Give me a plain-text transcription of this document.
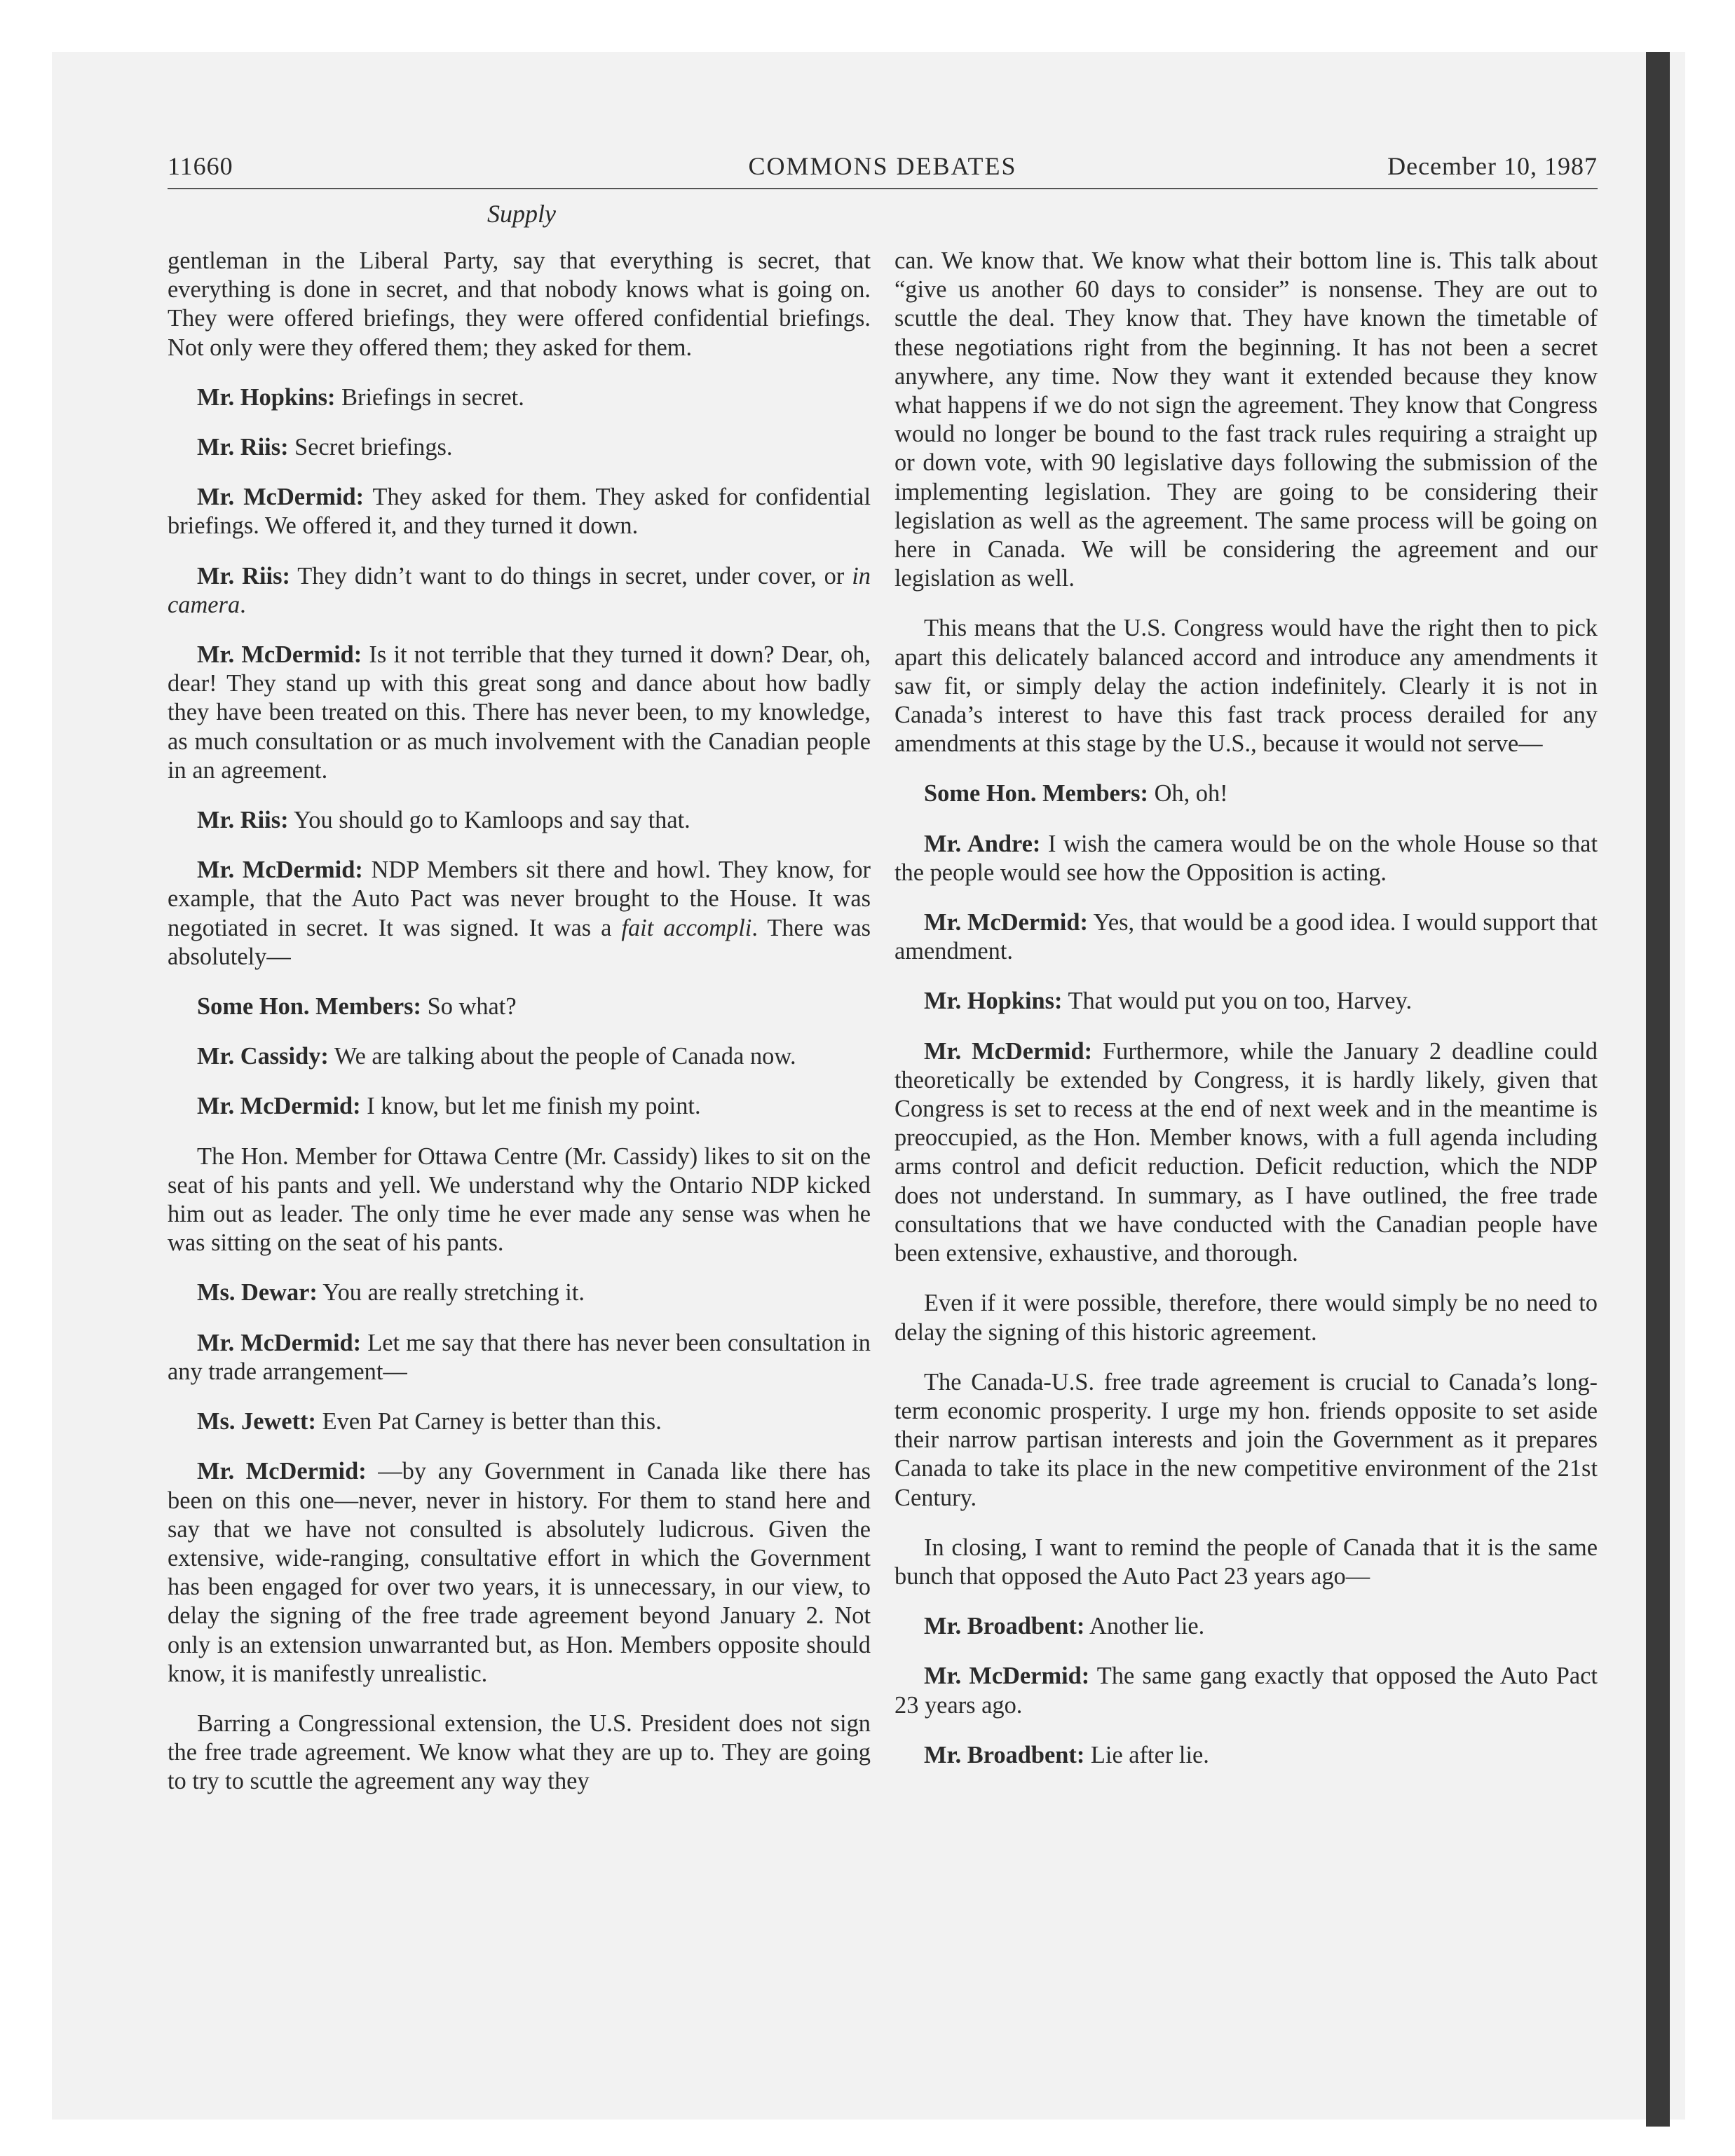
11660	COMMONS DEBATES	December 10, 1987
Supply

gentleman in the Liberal Party, say that everything is secret, that everything is done in secret, and that nobody knows what is going on. They were offered briefings, they were offered confidential briefings. Not only were they offered them; they asked for them.

Mr. Hopkins: Briefings in secret.

Mr. Riis: Secret briefings.

Mr. McDermid: They asked for them. They asked for confidential briefings. We offered it, and they turned it down.

Mr. Riis: They didn’t want to do things in secret, under cover, or in camera.

Mr. McDermid: Is it not terrible that they turned it down? Dear, oh, dear! They stand up with this great song and dance about how badly they have been treated on this. There has never been, to my knowledge, as much consultation or as much involvement with the Canadian people in an agreement.

Mr. Riis: You should go to Kamloops and say that.

Mr. McDermid: NDP Members sit there and howl. They know, for example, that the Auto Pact was never brought to the House. It was negotiated in secret. It was signed. It was a fait accompli. There was absolutely—

Some Hon. Members: So what?

Mr. Cassidy: We are talking about the people of Canada now.

Mr. McDermid: I know, but let me finish my point.

The Hon. Member for Ottawa Centre (Mr. Cassidy) likes to sit on the seat of his pants and yell. We understand why the Ontario NDP kicked him out as leader. The only time he ever made any sense was when he was sitting on the seat of his pants.

Ms. Dewar: You are really stretching it.

Mr. McDermid: Let me say that there has never been consultation in any trade arrangement—

Ms. Jewett: Even Pat Carney is better than this.

Mr. McDermid: —by any Government in Canada like there has been on this one—never, never in history. For them to stand here and say that we have not consulted is absolutely ludicrous. Given the extensive, wide-ranging, consultative effort in which the Government has been engaged for over two years, it is unnecessary, in our view, to delay the signing of the free trade agreement beyond January 2. Not only is an extension unwarranted but, as Hon. Members opposite should know, it is manifestly unrealistic.

Barring a Congressional extension, the U.S. President does not sign the free trade agreement. We know what they are up to. They are going to try to scuttle the agreement any way they

can. We know that. We know what their bottom line is. This talk about “give us another 60 days to consider” is nonsense. They are out to scuttle the deal. They know that. They have known the timetable of these negotiations right from the beginning. It has not been a secret anywhere, any time. Now they want it extended because they know what happens if we do not sign the agreement. They know that Congress would no longer be bound to the fast track rules requiring a straight up or down vote, with 90 legislative days following the submission of the implementing legislation. They are going to be considering their legislation as well as the agreement. The same process will be going on here in Canada. We will be considering the agreement and our legislation as well.

This means that the U.S. Congress would have the right then to pick apart this delicately balanced accord and introduce any amendments it saw fit, or simply delay the action indefinitely. Clearly it is not in Canada’s interest to have this fast track process derailed for any amendments at this stage by the U.S., because it would not serve—

Some Hon. Members: Oh, oh!

Mr. Andre: I wish the camera would be on the whole House so that the people would see how the Opposition is acting.

Mr. McDermid: Yes, that would be a good idea. I would support that amendment.

Mr. Hopkins: That would put you on too, Harvey.

Mr. McDermid: Furthermore, while the January 2 deadline could theoretically be extended by Congress, it is hardly likely, given that Congress is set to recess at the end of next week and in the meantime is preoccupied, as the Hon. Member knows, with a full agenda including arms control and deficit reduction. Deficit reduction, which the NDP does not understand. In summary, as I have outlined, the free trade consultations that we have conducted with the Canadian people have been extensive, exhaustive, and thorough.

Even if it were possible, therefore, there would simply be no need to delay the signing of this historic agreement.

The Canada-U.S. free trade agreement is crucial to Canada’s long-term economic prosperity. I urge my hon. friends opposite to set aside their narrow partisan interests and join the Government as it prepares Canada to take its place in the new competitive environment of the 21st Century.

In closing, I want to remind the people of Canada that it is the same bunch that opposed the Auto Pact 23 years ago—

Mr. Broadbent: Another lie.

Mr. McDermid: The same gang exactly that opposed the Auto Pact 23 years ago.

Mr. Broadbent: Lie after lie.
